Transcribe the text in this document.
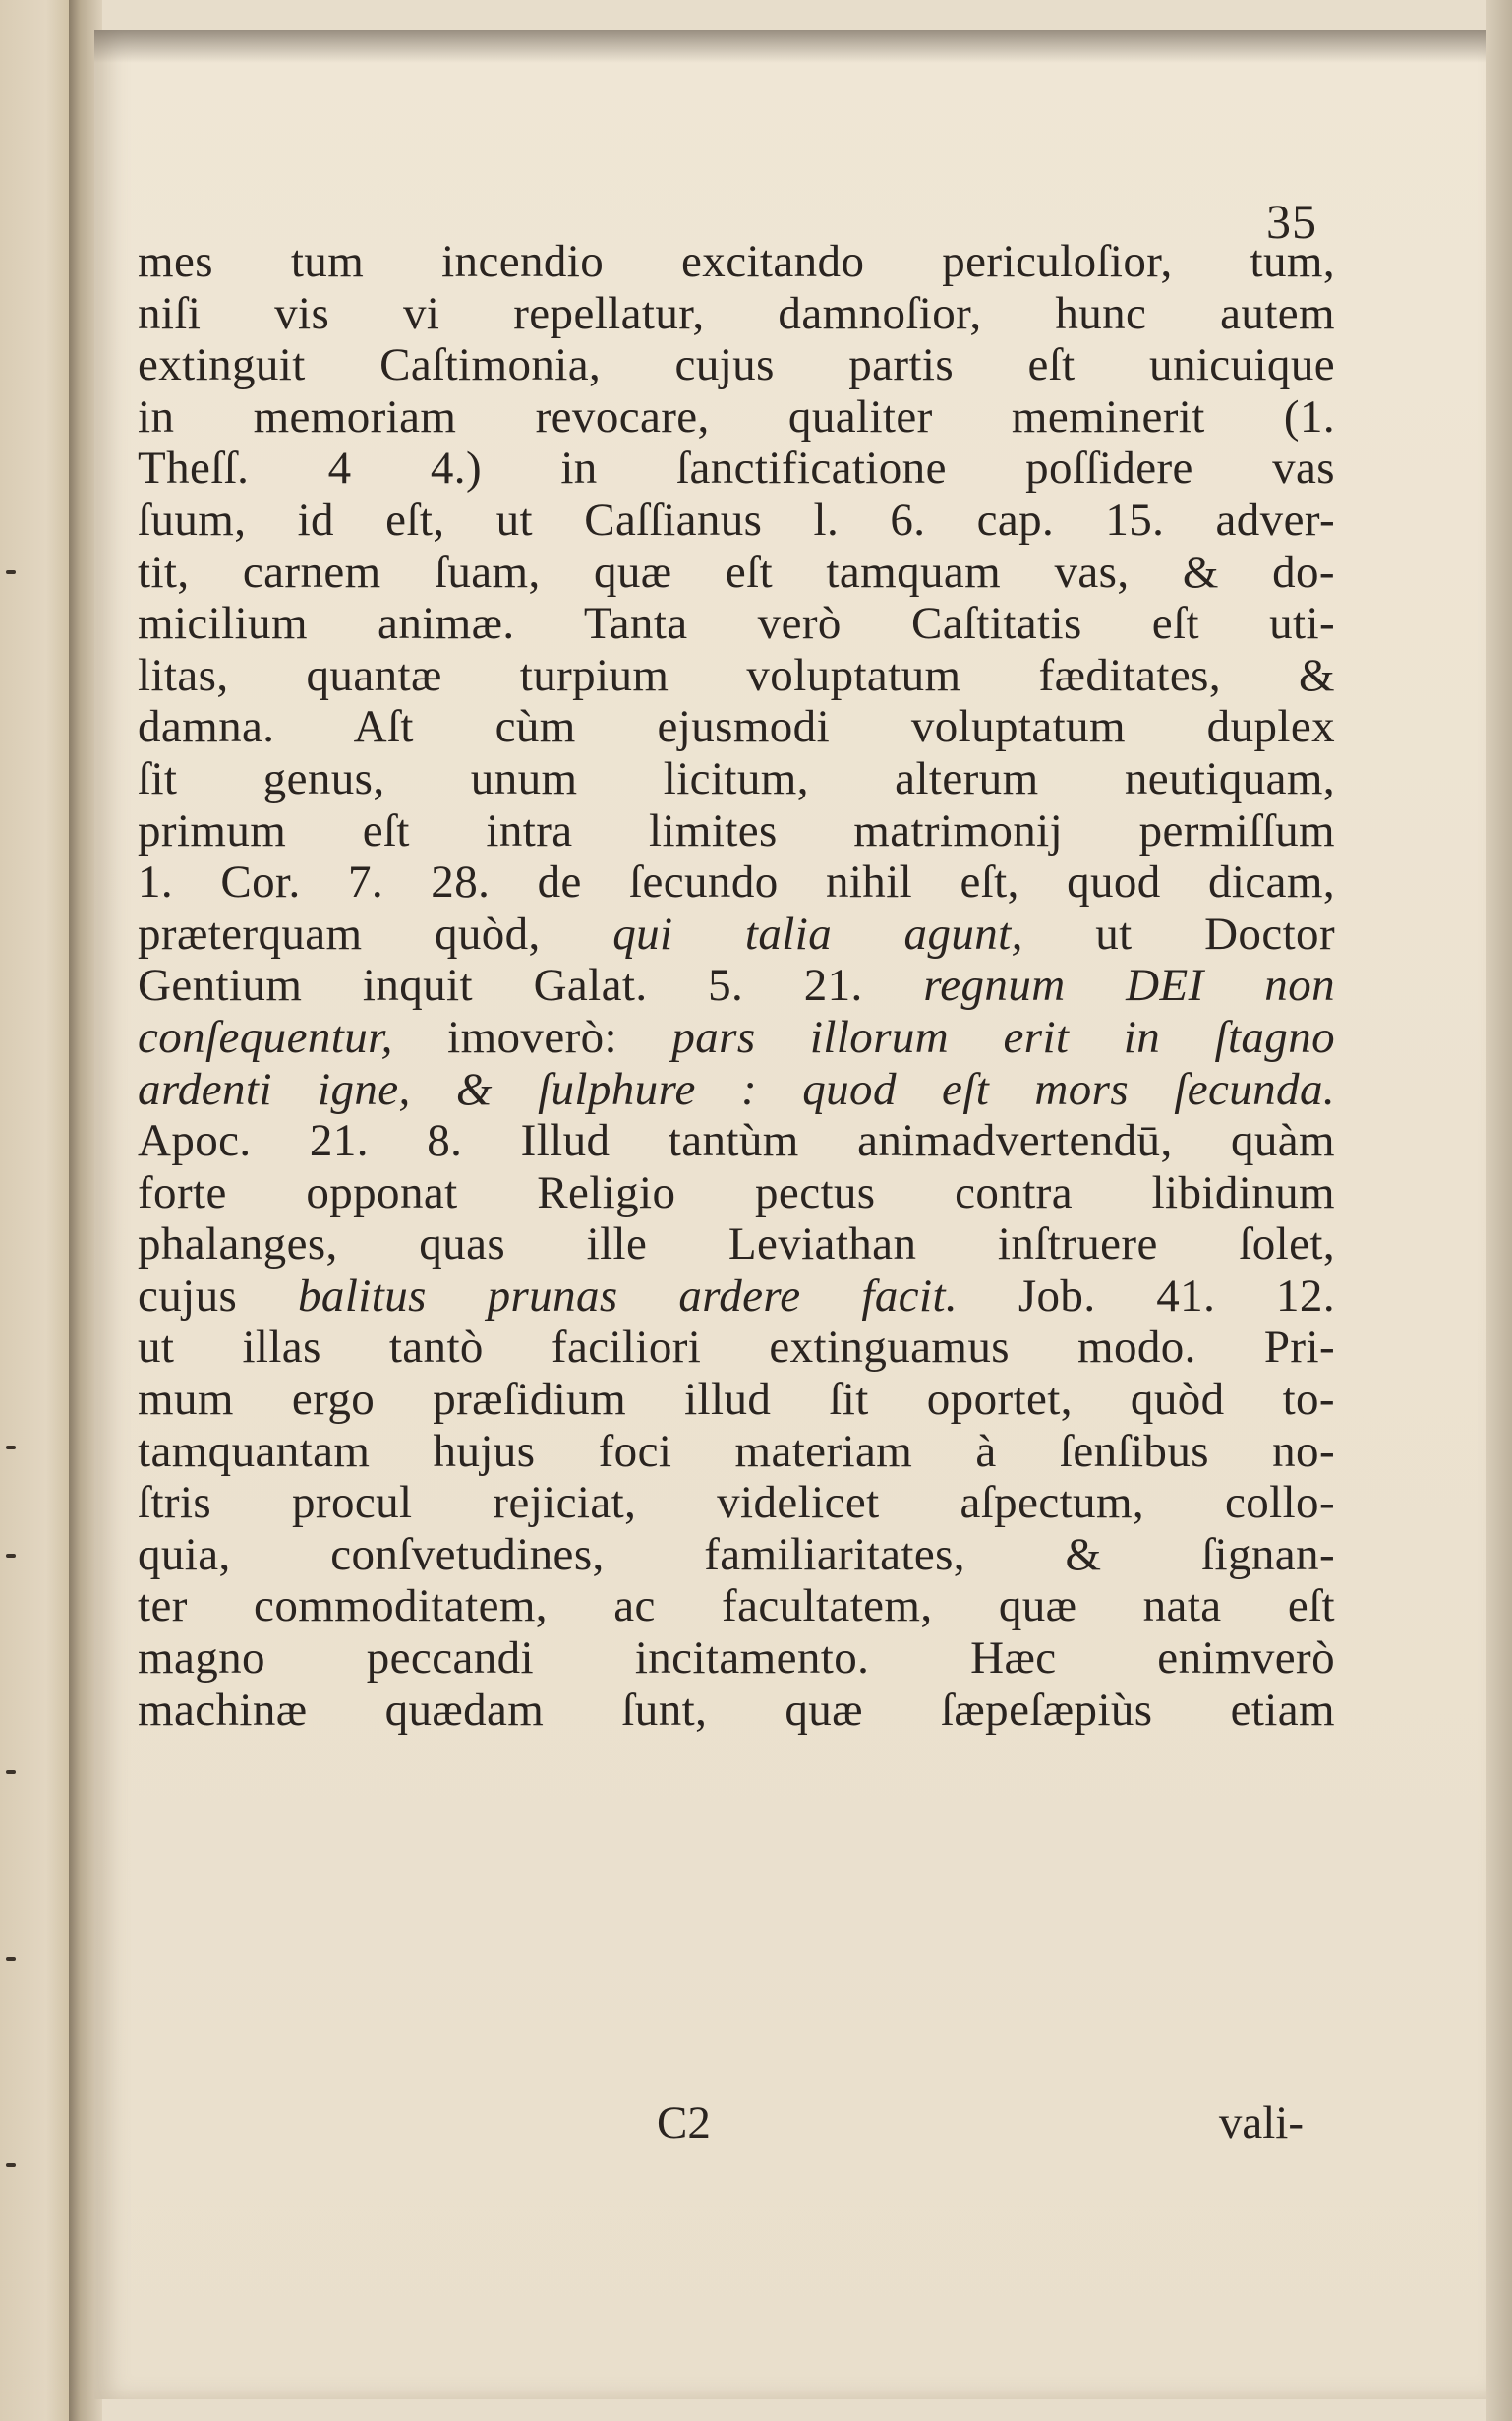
35
mes tum incendio excitando periculoſior, tum,
niſi vis vi repellatur, damnoſior, hunc autem
extinguit Caſtimonia, cujus partis eſt unicuique
in memoriam revocare, qualiter meminerit (1.
Theſſ. 4 4.) in ſanctificatione poſſidere vas
ſuum, id eſt, ut Caſſianus l. 6. cap. 15. adver-
tit, carnem ſuam, quæ eſt tamquam vas, & do-
micilium animæ. Tanta verò Caſtitatis eſt uti-
litas, quantæ turpium voluptatum fæditates, &
damna. Aſt cùm ejusmodi voluptatum duplex
ſit genus, unum licitum, alterum neutiquam,
primum eſt intra limites matrimonij permiſſum
1. Cor. 7. 28. de ſecundo nihil eſt, quod dicam,
præterquam quòd, qui talia agunt, ut Doctor
Gentium inquit Galat. 5. 21. regnum DEI non
conſequentur, imoverò: pars illorum erit in ſtagno
ardenti igne, & ſulphure : quod eſt mors ſecunda.
Apoc. 21. 8. Illud tantùm animadvertendū, quàm
forte opponat Religio pectus contra libidinum
phalanges, quas ille Leviathan inſtruere ſolet,
cujus balitus prunas ardere facit. Job. 41. 12.
ut illas tantò faciliori extinguamus modo. Pri-
mum ergo præſidium illud ſit oportet, quòd to-
tamquantam hujus foci materiam à ſenſibus no-
ſtris procul rejiciat, videlicet aſpectum, collo-
quia, conſvetudines, familiaritates, & ſignan-
ter commoditatem, ac facultatem, quæ nata eſt
magno peccandi incitamento. Hæc enimverò
machinæ quædam ſunt, quæ ſæpeſæpiùs etiam
C2	vali-
